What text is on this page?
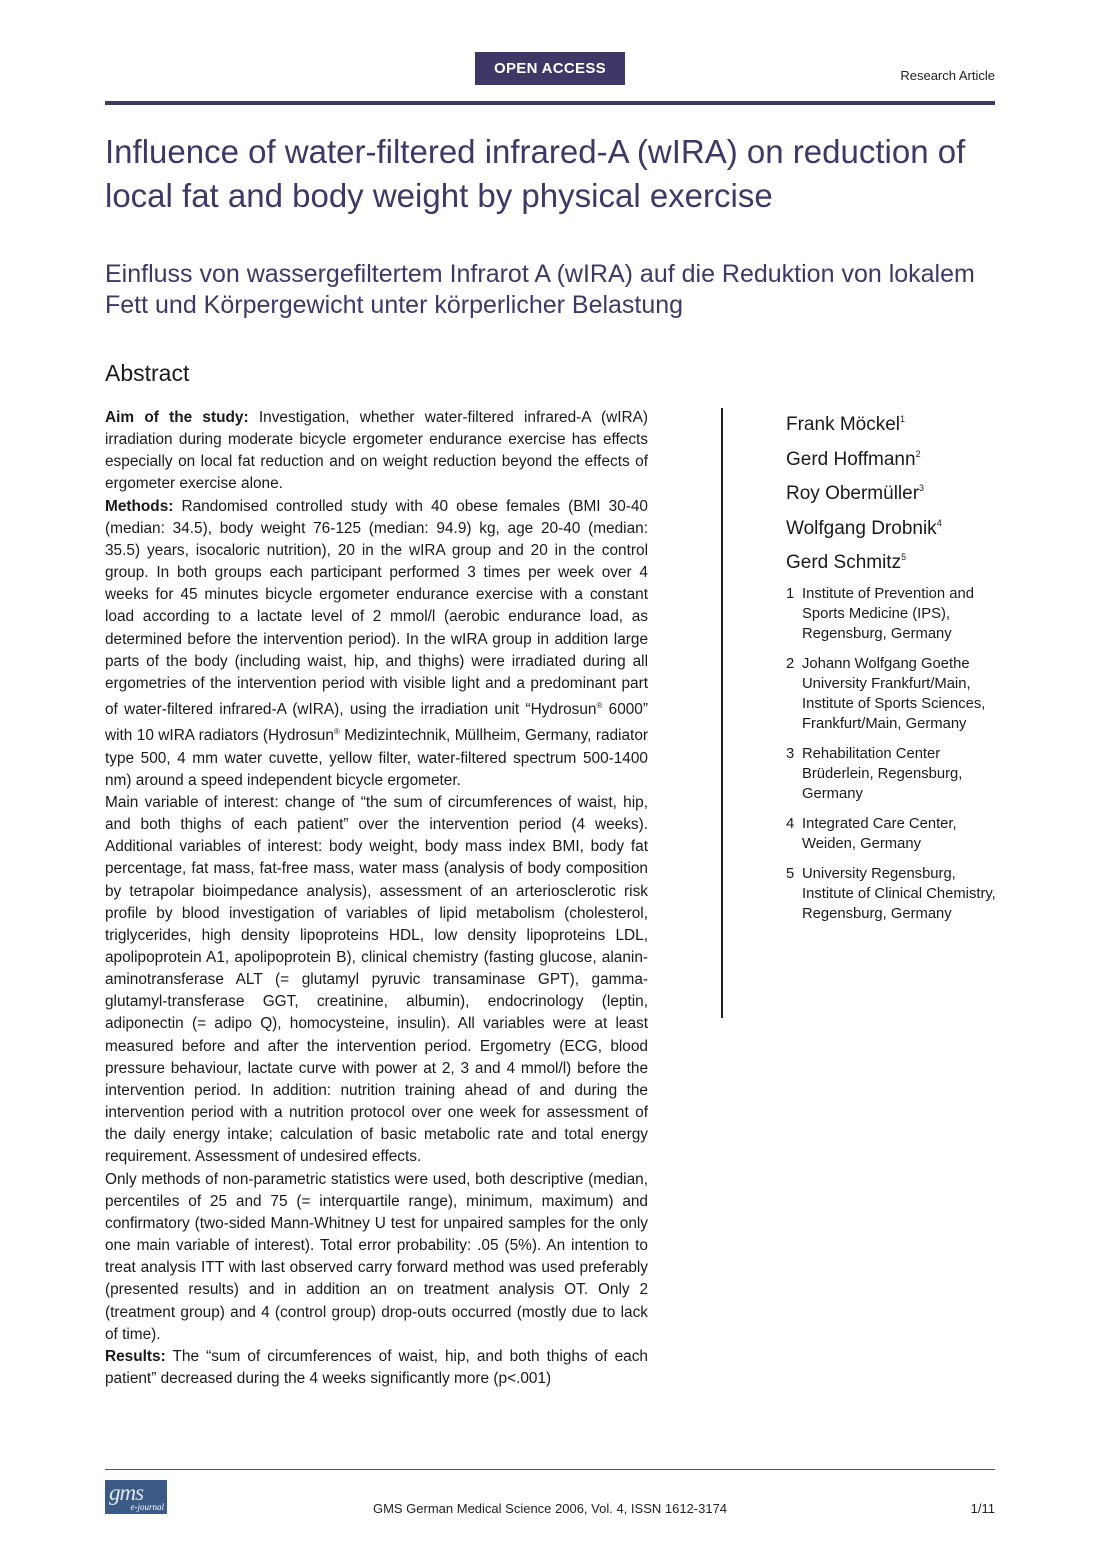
OPEN ACCESS	Research Article
Influence of water-filtered infrared-A (wIRA) on reduction of local fat and body weight by physical exercise
Einfluss von wassergefiltertem Infrarot A (wIRA) auf die Reduktion von lokalem Fett und Körpergewicht unter körperlicher Belastung
Abstract

Aim of the study: Investigation, whether water-filtered infrared-A (wIRA) irradiation during moderate bicycle ergometer endurance exercise has effects especially on local fat reduction and on weight reduction beyond the effects of ergometer exercise alone.

Methods: Randomised controlled study with 40 obese females (BMI 30-40 (median: 34.5), body weight 76-125 (median: 94.9) kg, age 20-40 (median: 35.5) years, isocaloric nutrition), 20 in the wIRA group and 20 in the control group. In both groups each participant performed 3 times per week over 4 weeks for 45 minutes bicycle ergometer endurance exercise with a constant load according to a lactate level of 2 mmol/l (aerobic endurance load, as determined before the intervention period). In the wIRA group in addition large parts of the body (including waist, hip, and thighs) were irradiated during all ergometries of the intervention period with visible light and a predominant part of water-filtered infrared-A (wIRA), using the irradiation unit “Hydrosun® 6000” with 10 wIRA radiators (Hydrosun® Medizintechnik, Müllheim, Germany, radiator type 500, 4 mm water cuvette, yellow filter, water-filtered spectrum 500-1400 nm) around a speed independent bicycle ergometer.

Main variable of interest: change of “the sum of circumferences of waist, hip, and both thighs of each patient” over the intervention period (4 weeks). Additional variables of interest: body weight, body mass index BMI, body fat percentage, fat mass, fat-free mass, water mass (analysis of body composition by tetrapolar bioimpedance analysis), assessment of an arteriosclerotic risk profile by blood investigation of variables of lipid metabolism (cholesterol, triglycerides, high density lipoproteins HDL, low density lipoproteins LDL, apolipoprotein A1, apolipoprotein B), clinical chemistry (fasting glucose, alanin-aminotransferase ALT (= glutamyl pyruvic transaminase GPT), gamma-glutamyl-transferase GGT, creatinine, albumin), endocrinology (leptin, adiponectin (= adipo Q), homocysteine, insulin). All variables were at least measured before and after the intervention period. Ergometry (ECG, blood pressure behaviour, lactate curve with power at 2, 3 and 4 mmol/l) before the intervention period. In addition: nutrition training ahead of and during the intervention period with a nutrition protocol over one week for assessment of the daily energy intake; calculation of basic metabolic rate and total energy requirement. Assessment of undesired effects.

Only methods of non-parametric statistics were used, both descriptive (median, percentiles of 25 and 75 (= interquartile range), minimum, maximum) and confirmatory (two-sided Mann-Whitney U test for unpaired samples for the only one main variable of interest). Total error probability: .05 (5%). An intention to treat analysis ITT with last observed carry forward method was used preferably (presented results) and in addition an on treatment analysis OT. Only 2 (treatment group) and 4 (control group) drop-outs occurred (mostly due to lack of time).

Results: The “sum of circumferences of waist, hip, and both thighs of each patient” decreased during the 4 weeks significantly more (p<.001)

Frank Möckel$^1$
Gerd Hoffmann$^2$
Roy Obermüller$^3$
Wolfgang Drobnik$^4$
Gerd Schmitz$^5$
1 Institute of Prevention and
Sports Medicine (IPS),
Regensburg, Germany
2 Johann Wolfgang Goethe
University Frankfurt/Main,
Institute of Sports Sciences,
Frankfurt/Main, Germany
3 Rehabilitation Center
Brüderlein, Regensburg,
Germany
4 Integrated Care Center,
Weiden, Germany
5 University Regensburg,
Institute of Clinical Chemistry,
Regensburg, Germany
gms
e-journal	GMS German Medical Science 2006, Vol. 4, ISSN 1612-3174	1/11
